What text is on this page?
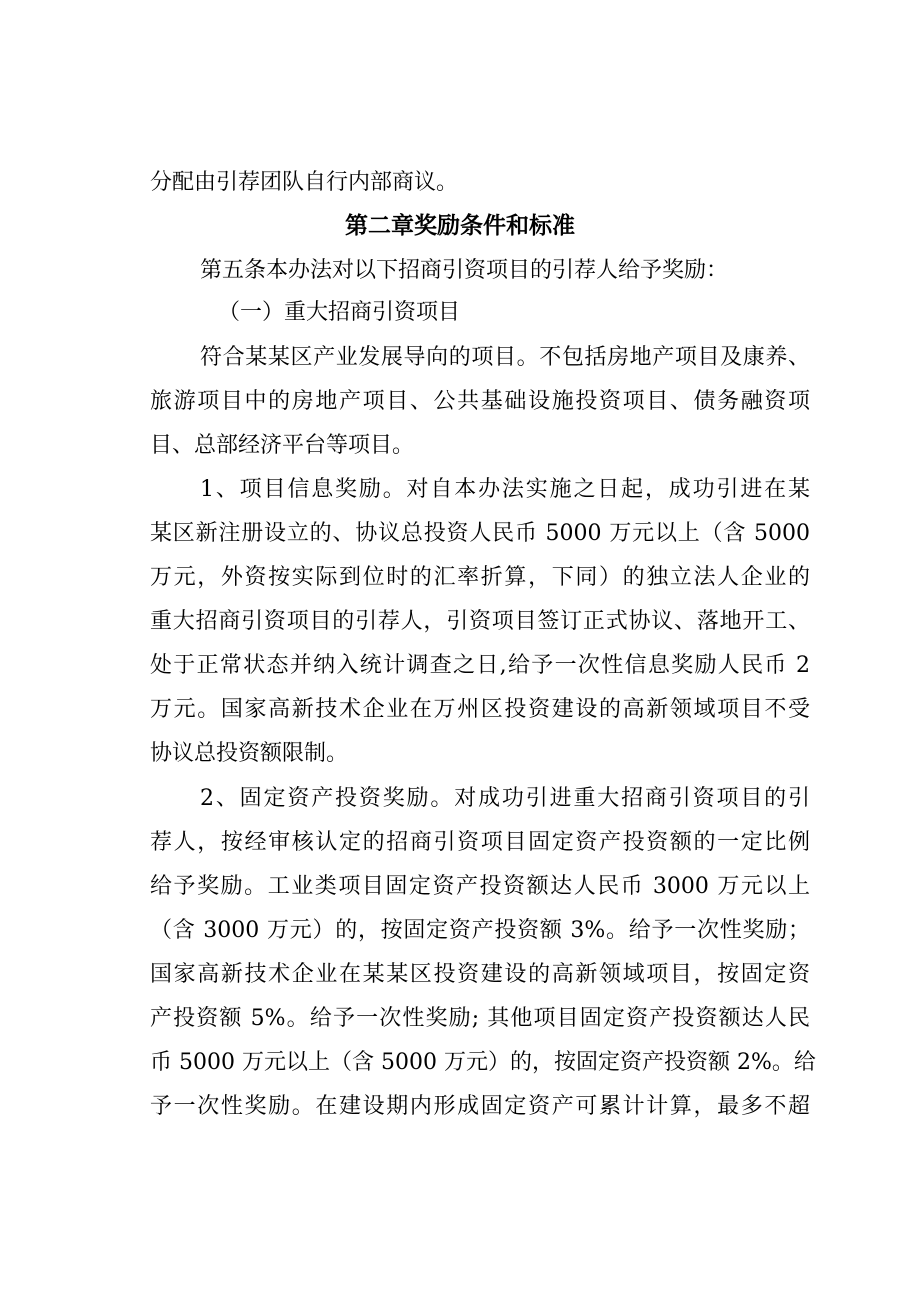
分配由引荐团队自行内部商议。
第二章奖励条件和标准
第五条本办法对以下招商引资项目的引荐人给予奖励：
（一）重大招商引资项目
符合某某区产业发展导向的项目。不包括房地产项目及康养、
旅游项目中的房地产项目、公共基础设施投资项目、债务融资项
目、总部经济平台等项目。
1、项目信息奖励。对自本办法实施之日起，成功引进在某
某区新注册设立的、协议总投资人民币 5000 万元以上（含 5000
万元，外资按实际到位时的汇率折算，下同）的独立法人企业的
重大招商引资项目的引荐人，引资项目签订正式协议、落地开工、
处于正常状态并纳入统计调查之日,给予一次性信息奖励人民币 2
万元。国家高新技术企业在万州区投资建设的高新领域项目不受
协议总投资额限制。
2、固定资产投资奖励。对成功引进重大招商引资项目的引
荐人，按经审核认定的招商引资项目固定资产投资额的一定比例
给予奖励。工业类项目固定资产投资额达人民币 3000 万元以上
（含 3000 万元）的，按固定资产投资额 3%。给予一次性奖励；
国家高新技术企业在某某区投资建设的高新领域项目，按固定资
产投资额 5%。给予一次性奖励; 其他项目固定资产投资额达人民
币 5000 万元以上（含 5000 万元）的，按固定资产投资额 2%。给
予一次性奖励。在建设期内形成固定资产可累计计算，最多不超
